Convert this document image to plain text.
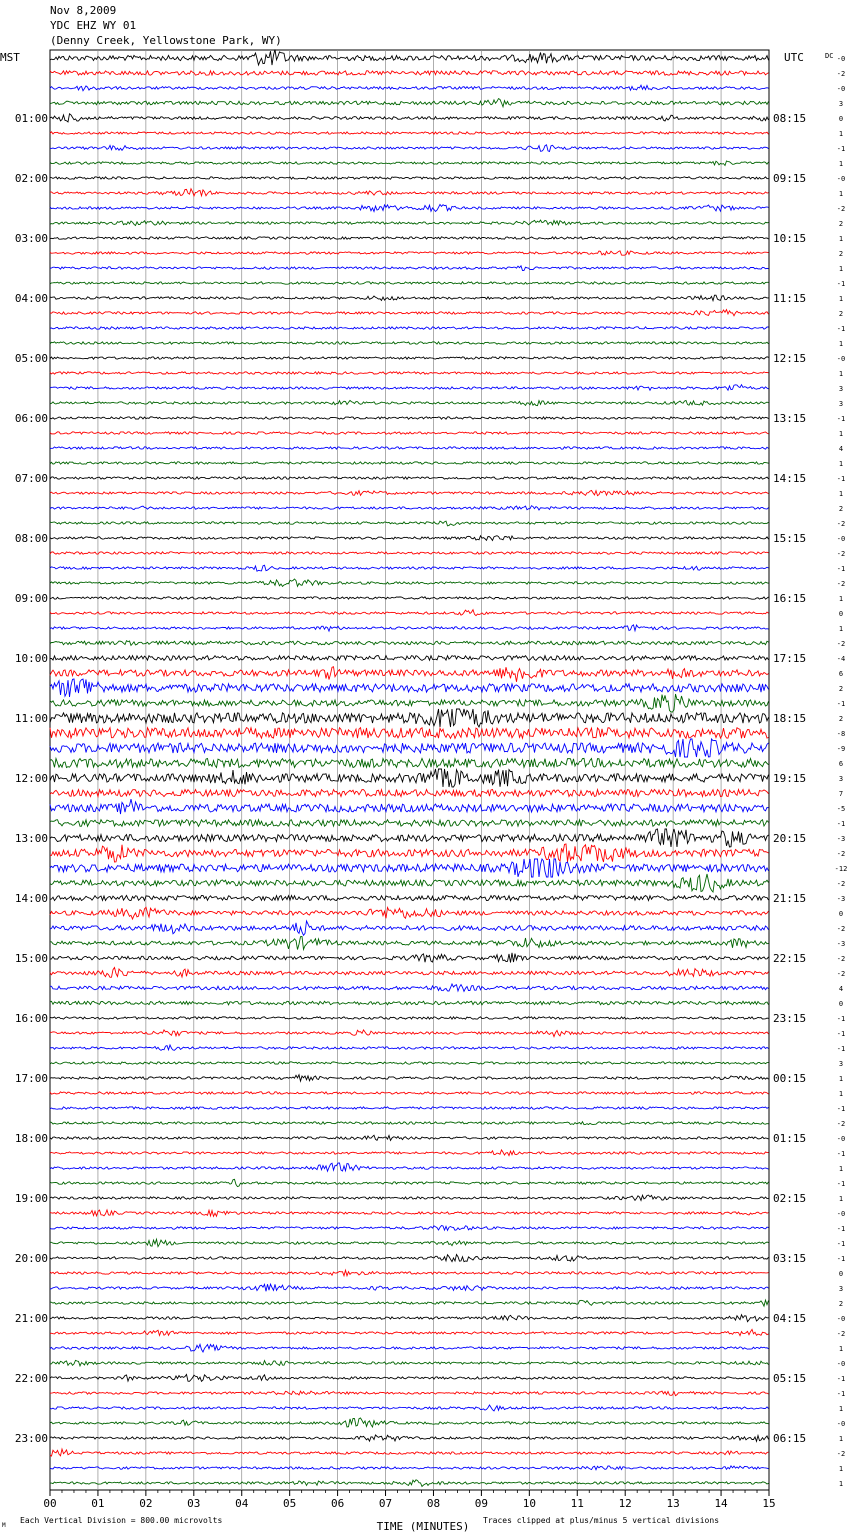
Nov 8,2009
YDC EHZ WY 01
(Denny Creek, Yellowstone Park, WY)
-0
-2
-0
3
0
1
-1
1
-0
1
-2
2
1
2
1
-1
1
2
-1
1
-0
1
3
3
-1
1
4
1
-1
1
2
-2
-0
-2
-1
-2
1
0
1
-2
-4
6
2
-1
2
-8
-9
6
3
7
-5
-1
-3
-2
-12
-2
-3
0
-2
-3
-2
-2
4
0
-1
-1
-1
3
1
1
-1
-2
-0
-1
1
-1
1
-0
-1
-1
-1
0
3
2
-0
-2
1
-0
-1
-1
1
-0
1
-2
1
1
MST	UTC	DC
01:00
02:00
03:00
04:00
05:00
06:00
07:00
08:00
09:00
10:00
11:00
12:00
13:00
14:00
15:00
16:00
17:00
18:00
19:00
20:00
21:00
22:00
23:00
08:15
09:15
10:15
11:15
12:15
13:15
14:15
15:15
16:15
17:15
18:15
19:15
20:15
21:15
22:15
23:15
00:15
01:15
02:15
03:15
04:15
05:15
06:15
00	01	02	03	04	05	06	07	08	09	10	11	12	13	14	15
TIME (MINUTES)
Each Vertical Division = 800.00 microvolts	Traces clipped at plus/minus 5 vertical divisions
M
